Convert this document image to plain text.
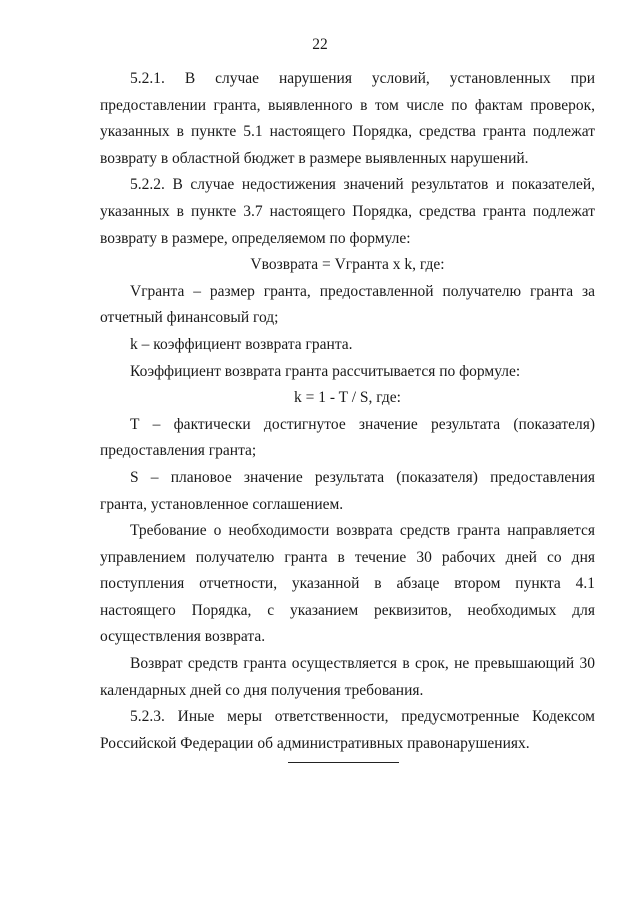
22

5.2.1. В случае нарушения условий, установленных при предоставлении гранта, выявленного в том числе по фактам проверок, указанных в пункте 5.1 настоящего Порядка, средства гранта подлежат возврату в областной бюджет в размере выявленных нарушений.

5.2.2. В случае недостижения значений результатов и показателей, указанных в пункте 3.7 настоящего Порядка, средства гранта подлежат возврату в размере, определяемом по формуле:

Vвозврата = Vгранта x k, где:

Vгранта – размер гранта, предоставленной получателю гранта за отчетный финансовый год;

k – коэффициент возврата гранта.

Коэффициент возврата гранта рассчитывается по формуле:

k = 1 - T / S, где:

Т – фактически достигнутое значение результата (показателя) предоставления гранта;

S – плановое значение результата (показателя) предоставления гранта, установленное соглашением.

Требование о необходимости возврата средств гранта направляется управлением получателю гранта в течение 30 рабочих дней со дня поступления отчетности, указанной в абзаце втором пункта 4.1 настоящего Порядка, с указанием реквизитов, необходимых для осуществления возврата.

Возврат средств гранта осуществляется в срок, не превышающий 30 календарных дней со дня получения требования.

5.2.3. Иные меры ответственности, предусмотренные Кодексом Российской Федерации об административных правонарушениях.
